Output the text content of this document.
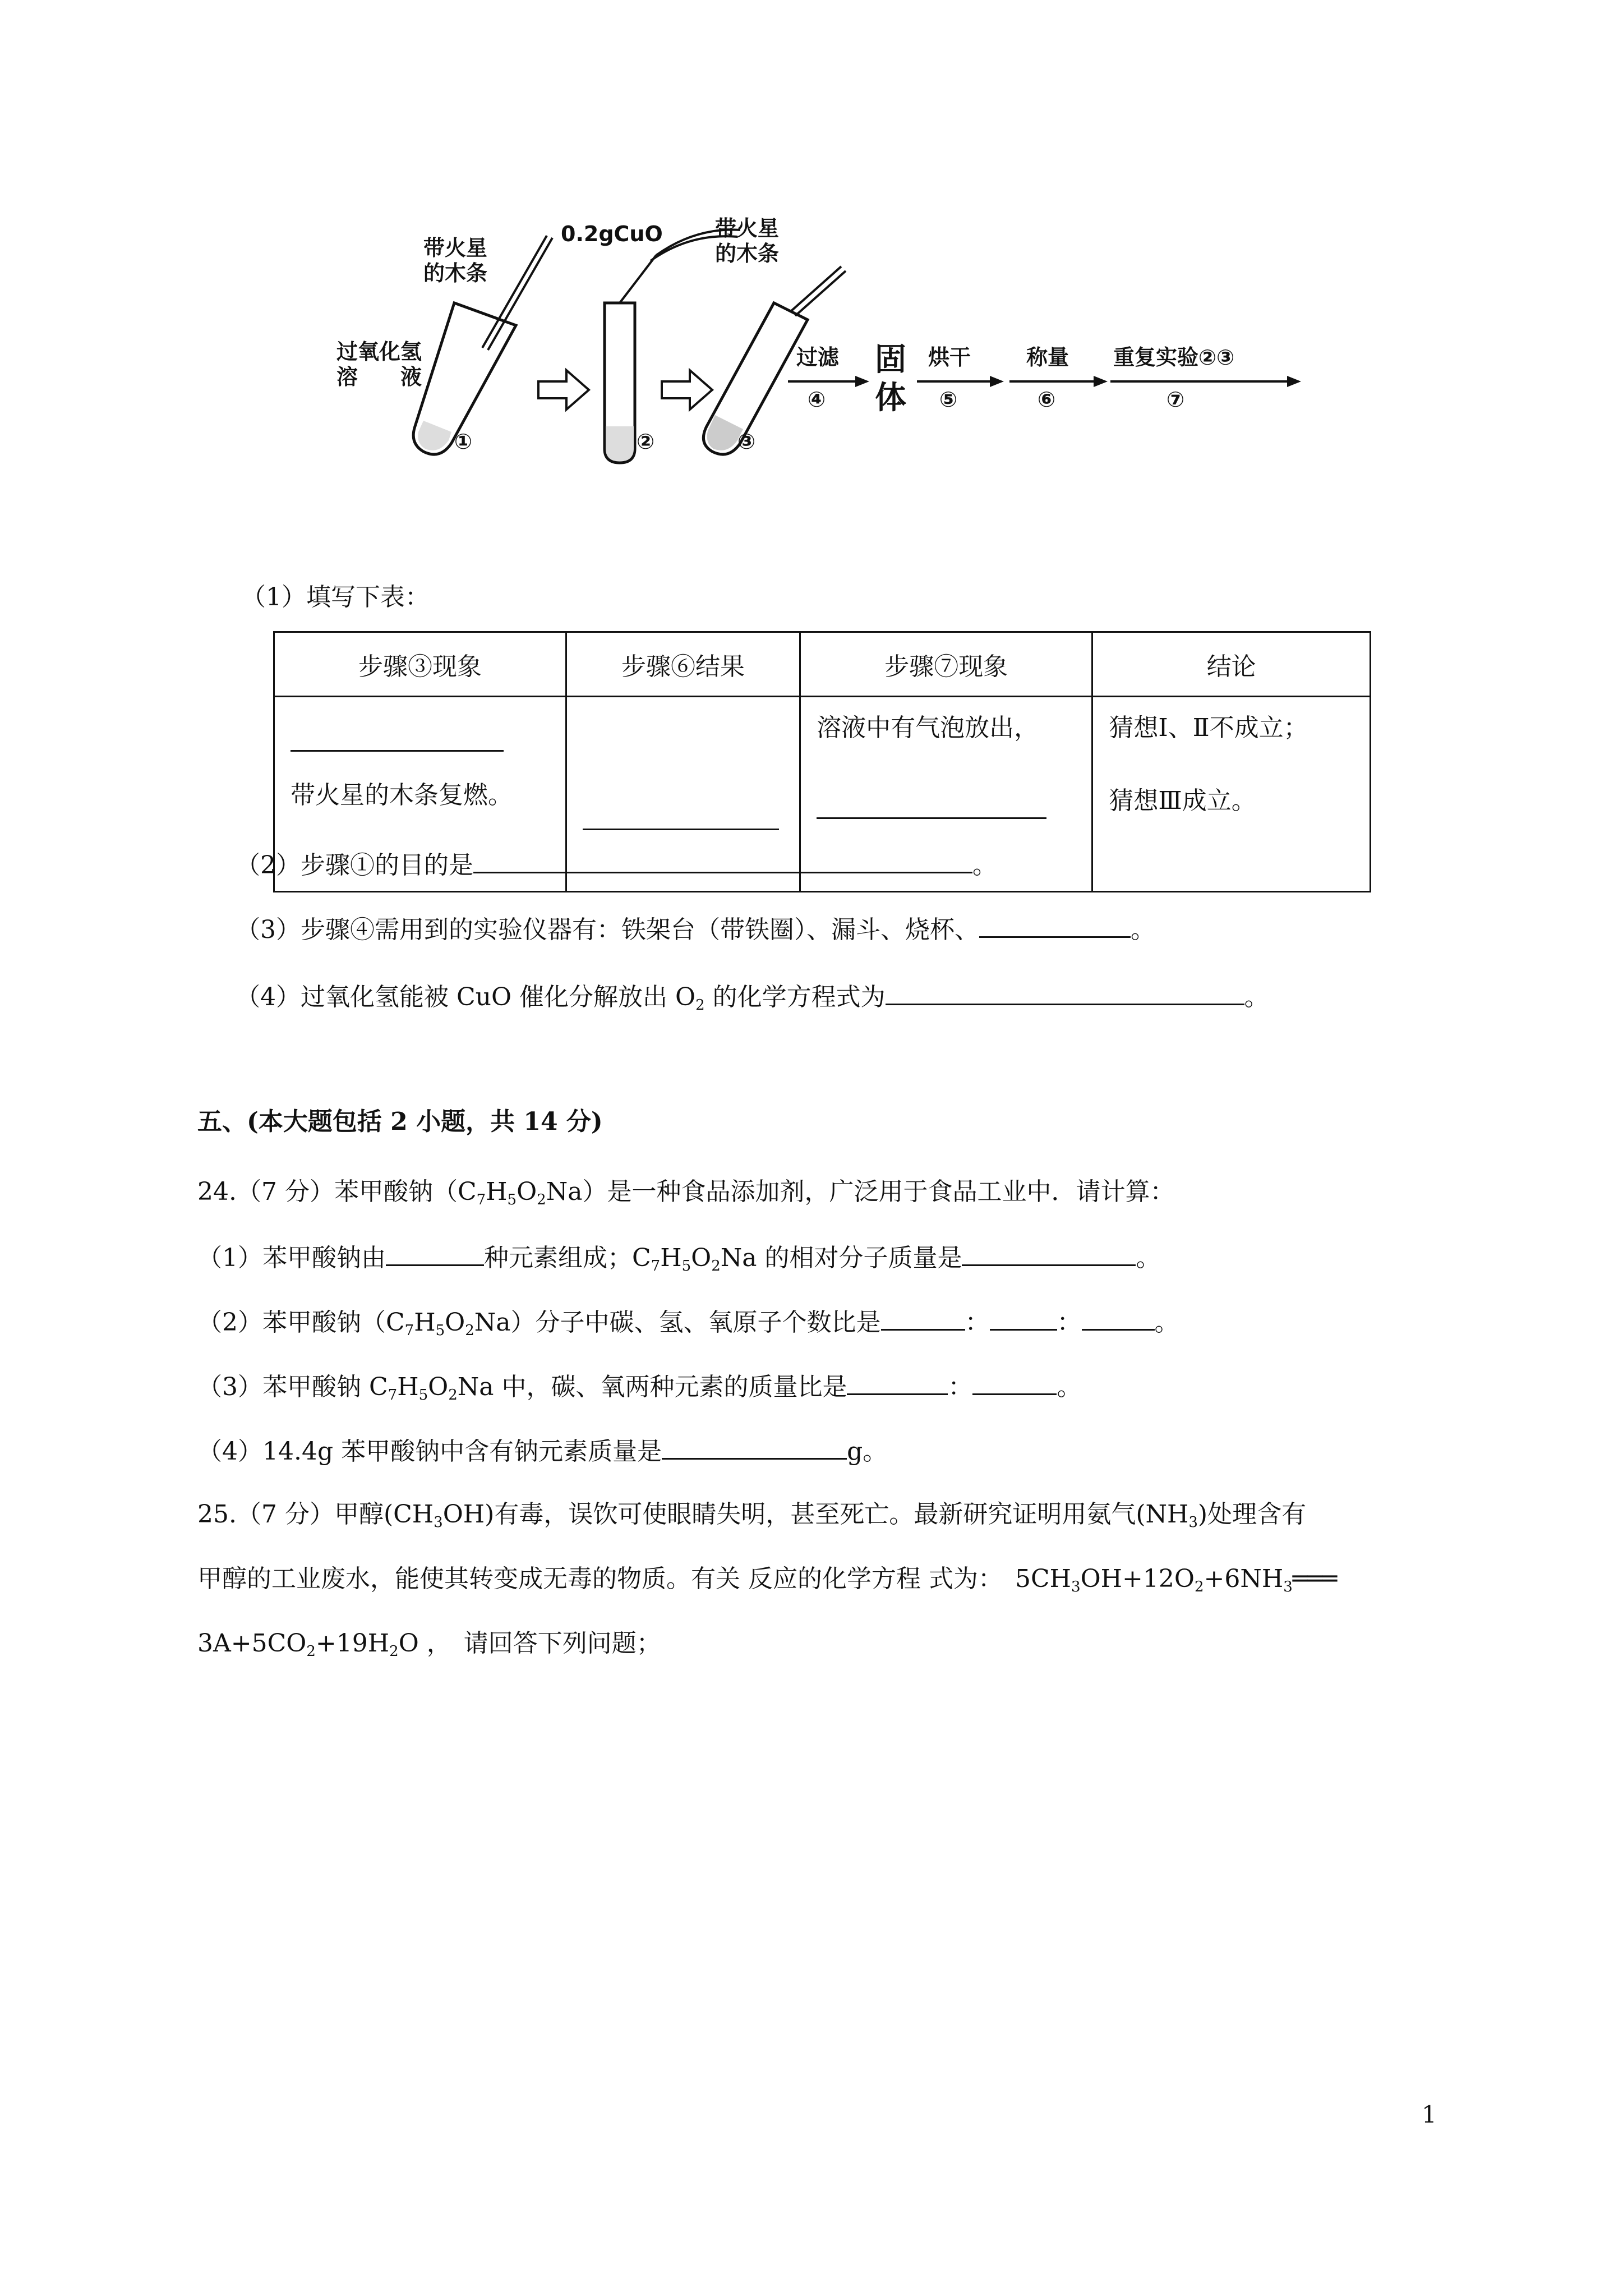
带火星
的木条
过氧化氢
溶　　液
①
0.2gCuO
②
带火星
的木条
③
过滤
④
固
体
烘干
⑤
称量
⑥
重复实验②③
⑦
（1）填写下表：
步骤③现象	步骤⑥结果	步骤⑦现象	结论

带火星的木条复燃。		溶液中有气泡放出，	猜想Ⅰ、Ⅱ不成立；
猜想Ⅲ成立。
（2）步骤①的目的是	。
（3）步骤④需用到的实验仪器有：铁架台（带铁圈）、漏斗、烧杯、	。
（4）过氧化氢能被 CuO 催化分解放出 $O_2$ 的化学方程式为	。
五、(本大题包括 2 小题，共 14 分)
24.（7 分）苯甲酸钠$(C_7H_5O_2Na)$是一种食品添加剂，广泛用于食品工业中．请计算：
（1）苯甲酸钠由	种元素组成；$C_7H_5O_2Na$ 的相对分子质量是	。
（2）苯甲酸钠$(C_7H_5O_2Na)$分子中碳、氢、氧原子个数比是	：	：	。
（3）苯甲酸钠 $C_7H_5O_2Na$ 中，碳、氧两种元素的质量比是	：	。
（4）14.4g 苯甲酸钠中含有钠元素质量是	g。
25.（7 分）甲醇$(CH_3OH)$有毒，误饮可使眼睛失明，甚至死亡。最新研究证明用氨气$(NH_3)$处理含有
甲醇的工业废水，能使其转变成无毒的物质。有关 反应的化学方程 式为：　$5CH_3OH+12O_2+6NH_3═══$
$3A+5CO_2+19H_2O$ ，　请回答下列问题；
1
